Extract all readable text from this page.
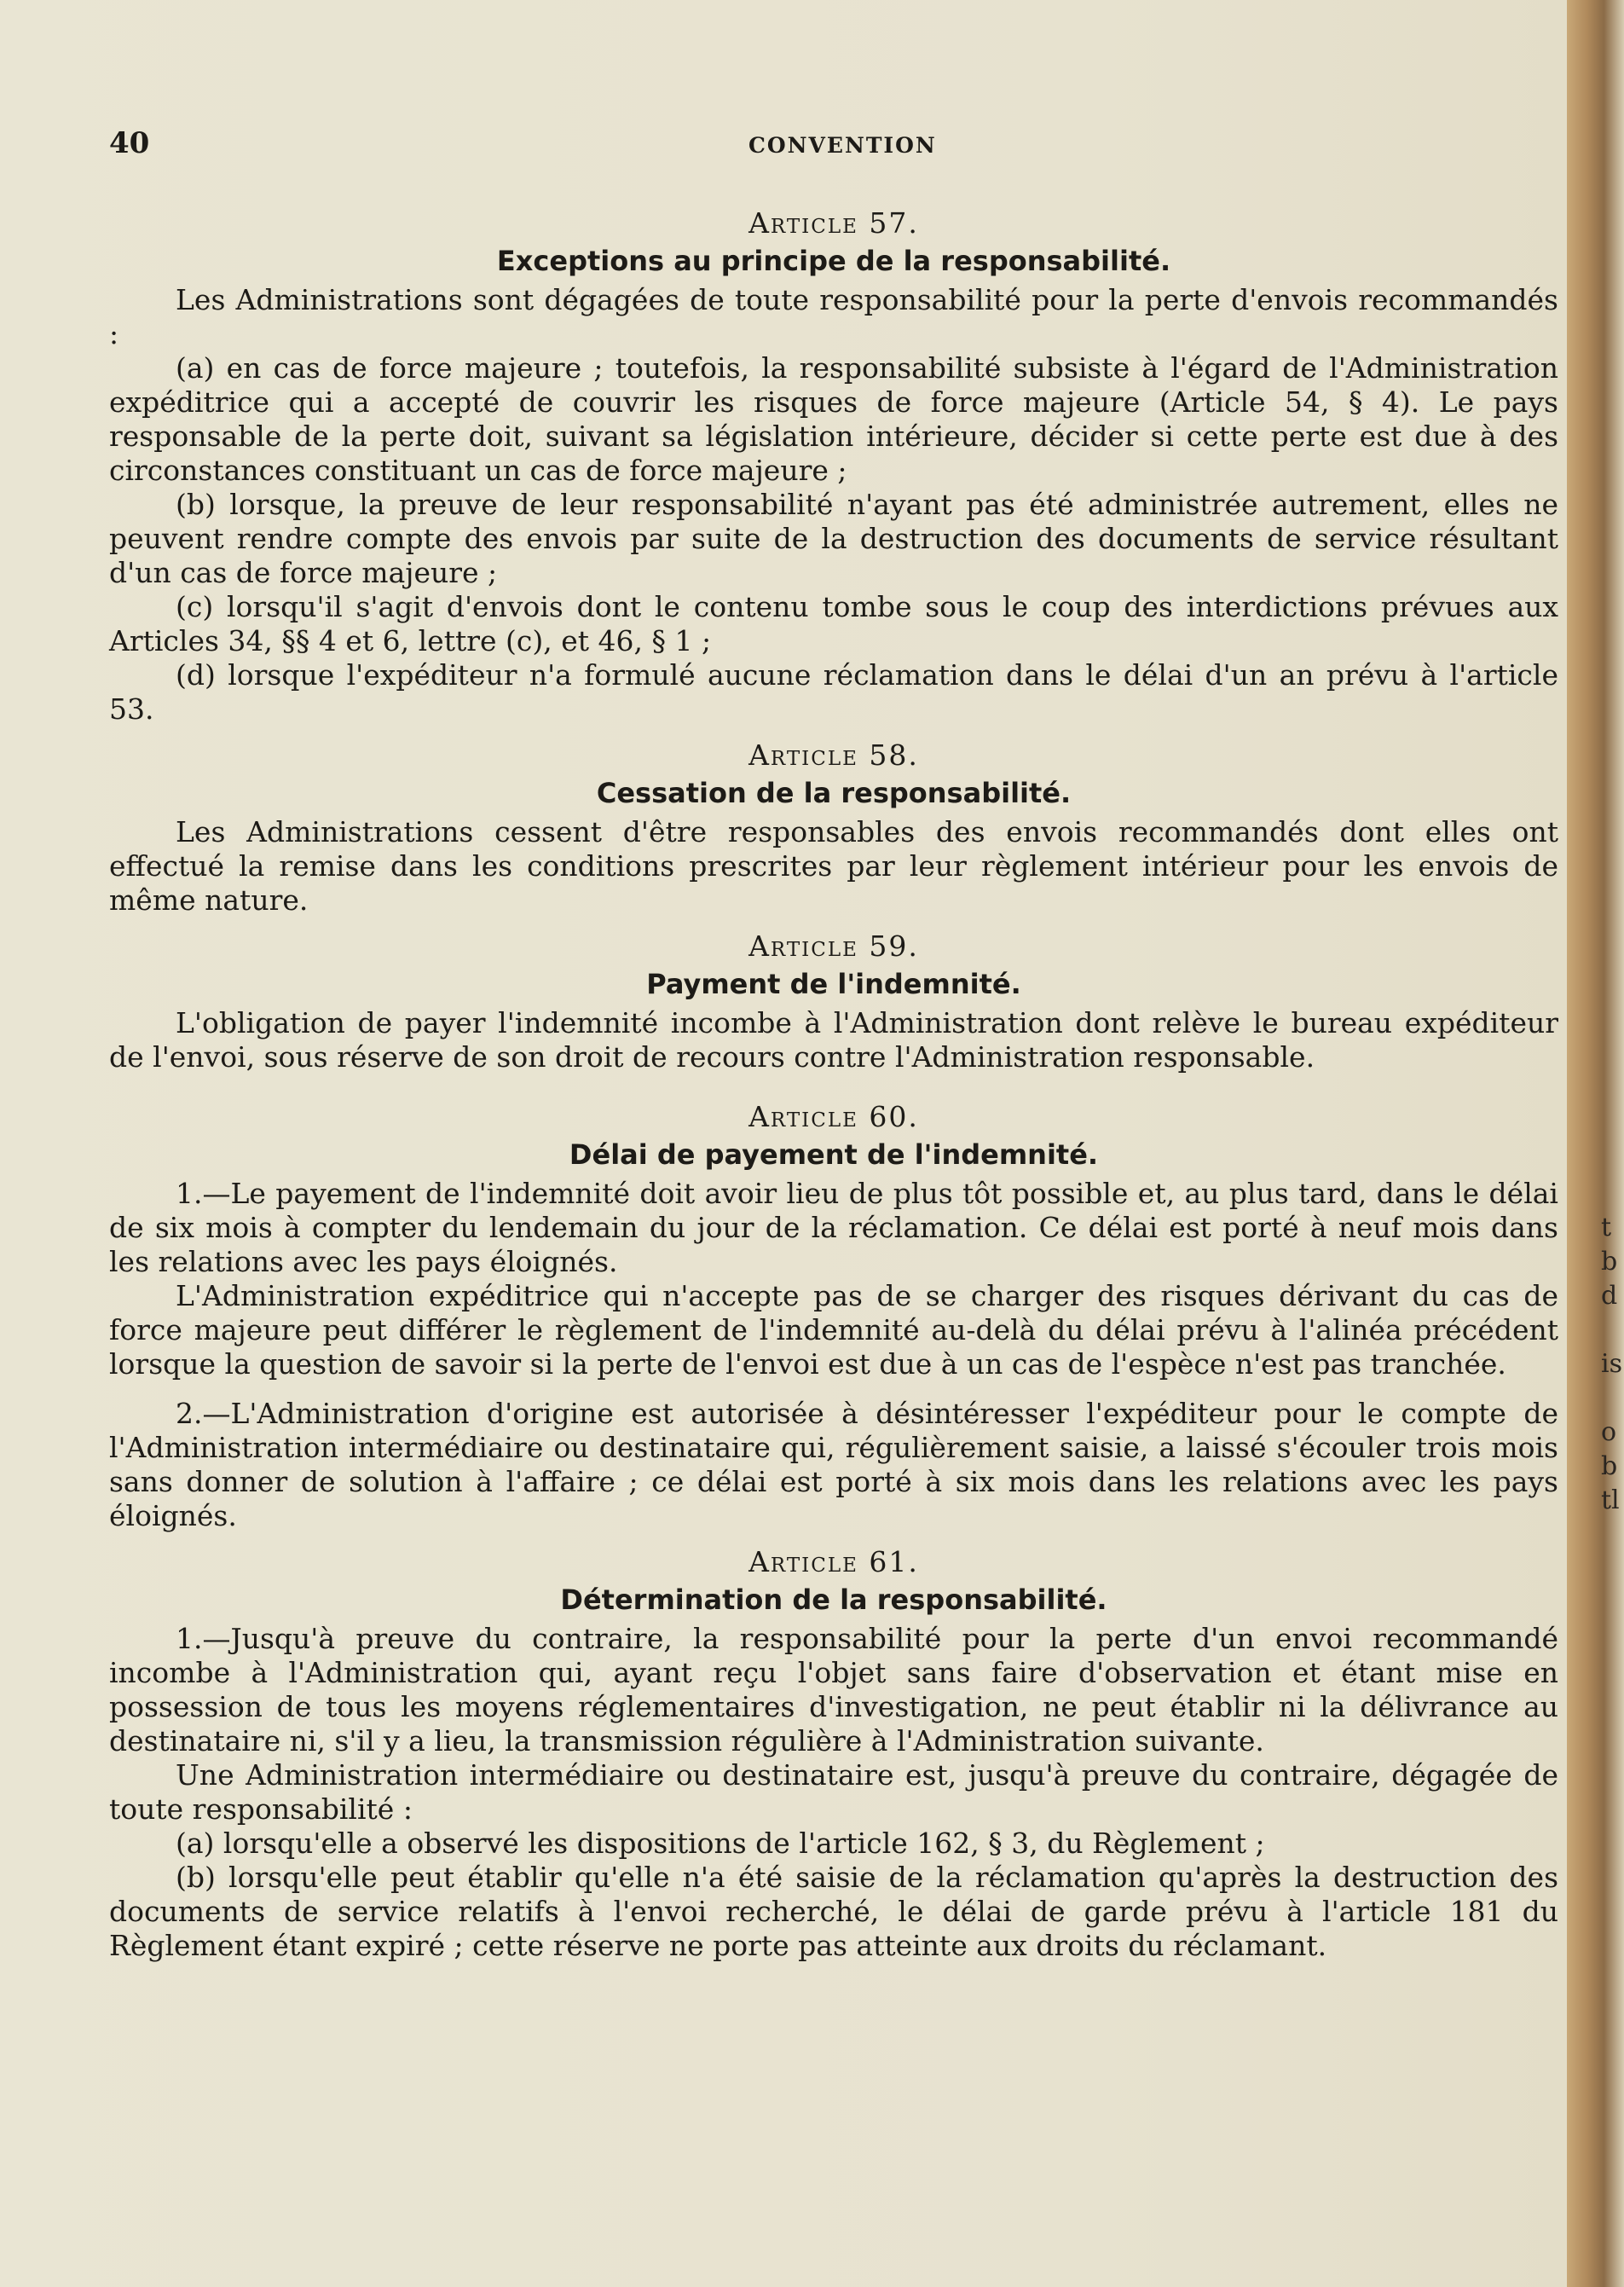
40	CONVENTION
Article 57.
Exceptions au principe de la responsabilité.

Les Administrations sont dégagées de toute responsabilité pour la perte d'envois recommandés :

(a) en cas de force majeure ; toutefois, la responsabilité subsiste à l'égard de l'Administration expéditrice qui a accepté de couvrir les risques de force majeure (Article 54, § 4). Le pays responsable de la perte doit, suivant sa législation intérieure, décider si cette perte est due à des circonstances constituant un cas de force majeure ;

(b) lorsque, la preuve de leur responsabilité n'ayant pas été administrée autrement, elles ne peuvent rendre compte des envois par suite de la destruction des documents de service résultant d'un cas de force majeure ;

(c) lorsqu'il s'agit d'envois dont le contenu tombe sous le coup des interdictions prévues aux Articles 34, §§ 4 et 6, lettre (c), et 46, § 1 ;

(d) lorsque l'expéditeur n'a formulé aucune réclamation dans le délai d'un an prévu à l'article 53.

Article 58.
Cessation de la responsabilité.

Les Administrations cessent d'être responsables des envois recommandés dont elles ont effectué la remise dans les conditions prescrites par leur règlement intérieur pour les envois de même nature.

Article 59.
Payment de l'indemnité.

L'obligation de payer l'indemnité incombe à l'Administration dont relève le bureau expéditeur de l'envoi, sous réserve de son droit de recours contre l'Administration responsable.

Article 60.
Délai de payement de l'indemnité.

1.—Le payement de l'indemnité doit avoir lieu de plus tôt possible et, au plus tard, dans le délai de six mois à compter du lendemain du jour de la réclamation. Ce délai est porté à neuf mois dans les relations avec les pays éloignés.

L'Administration expéditrice qui n'accepte pas de se charger des risques dérivant du cas de force majeure peut différer le règlement de l'indemnité au-delà du délai prévu à l'alinéa précédent lorsque la question de savoir si la perte de l'envoi est due à un cas de l'espèce n'est pas tranchée.

2.—L'Administration d'origine est autorisée à désintéresser l'expéditeur pour le compte de l'Administration intermédiaire ou destinataire qui, régulièrement saisie, a laissé s'écouler trois mois sans donner de solution à l'affaire ; ce délai est porté à six mois dans les relations avec les pays éloignés.

Article 61.
Détermination de la responsabilité.

1.—Jusqu'à preuve du contraire, la responsabilité pour la perte d'un envoi recommandé incombe à l'Administration qui, ayant reçu l'objet sans faire d'observation et étant mise en possession de tous les moyens réglementaires d'investigation, ne peut établir ni la délivrance au destinataire ni, s'il y a lieu, la transmission régulière à l'Administration suivante.

Une Administration intermédiaire ou destinataire est, jusqu'à preuve du contraire, dégagée de toute responsabilité :

(a) lorsqu'elle a observé les dispositions de l'article 162, § 3, du Règlement ;

(b) lorsqu'elle peut établir qu'elle n'a été saisie de la réclamation qu'après la destruction des documents de service relatifs à l'envoi recherché, le délai de garde prévu à l'article 181 du Règlement étant expiré ; cette réserve ne porte pas atteinte aux droits du réclamant.

t
b
d
is
o
b
tl
